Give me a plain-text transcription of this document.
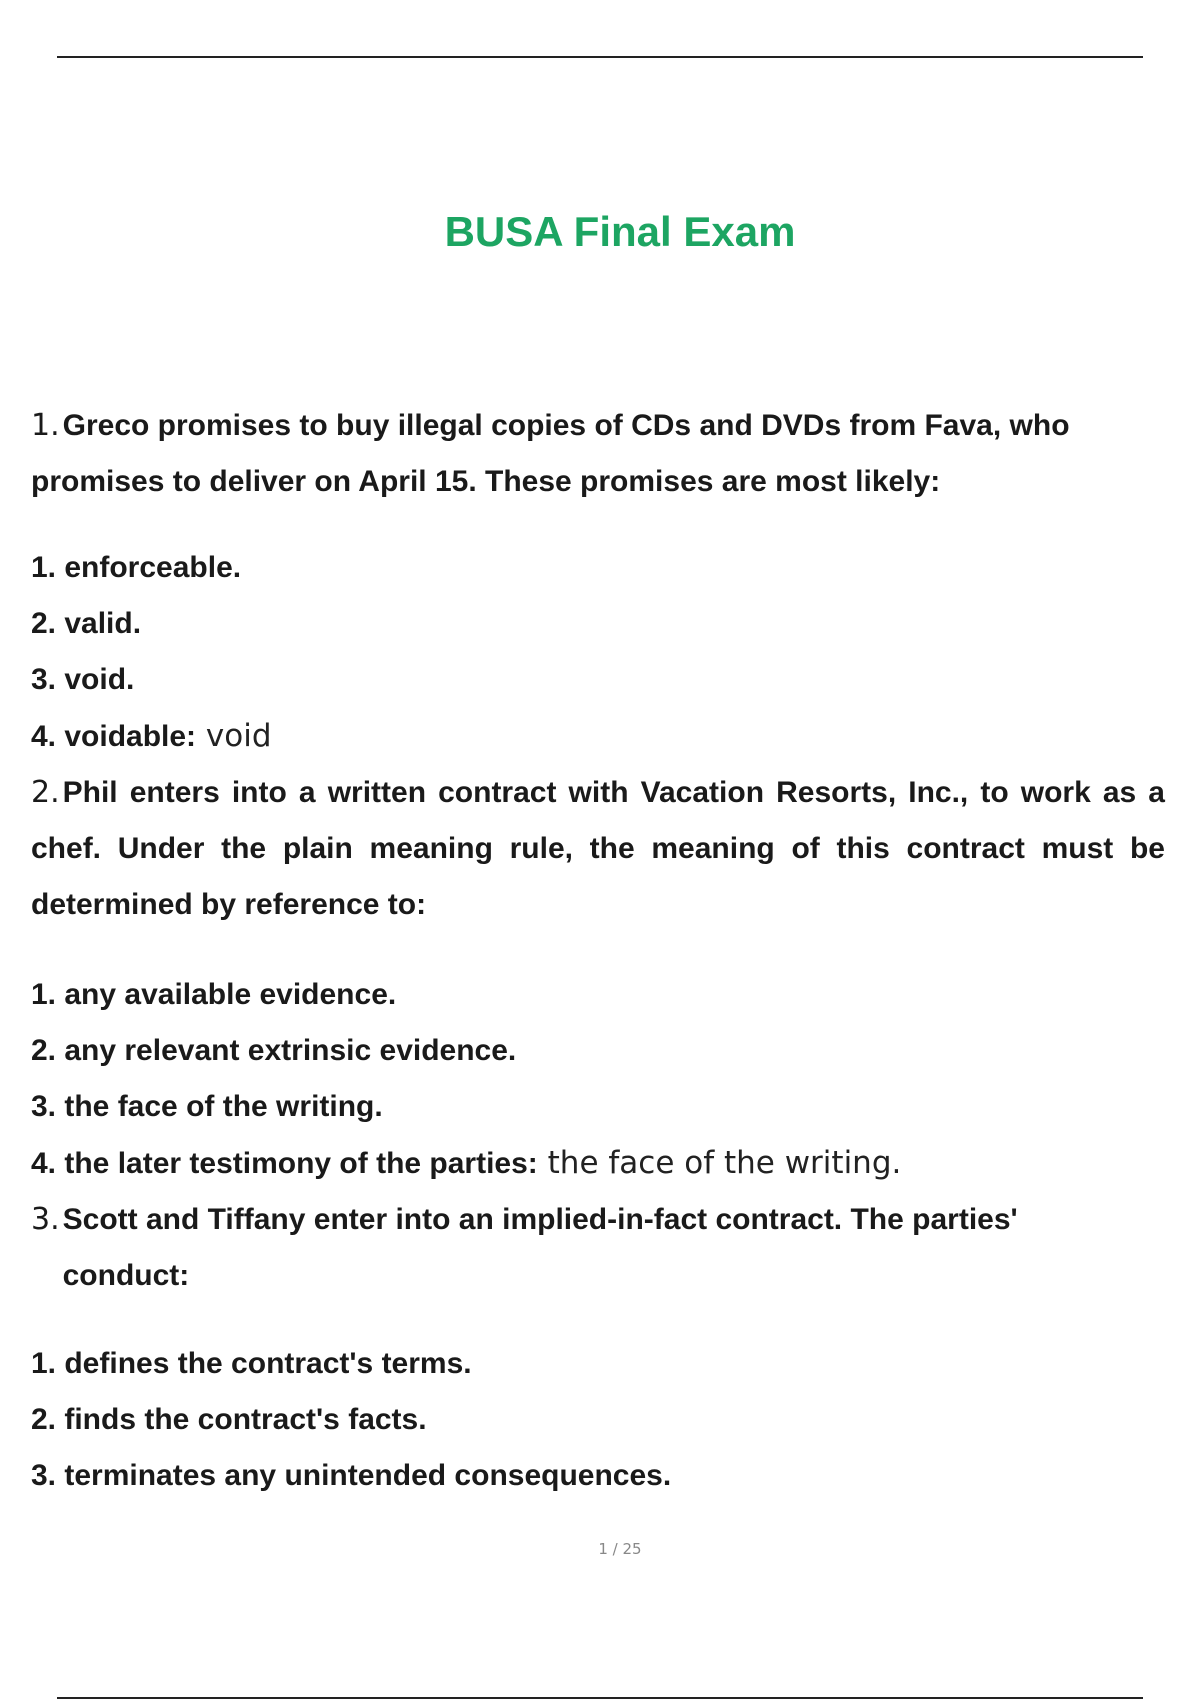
BUSA Final Exam
1. Greco promises to buy illegal copies of CDs and DVDs from Fava, who promises to deliver on April 15. These promises are most likely:
1. enforceable.
2. valid.
3. void.
4. voidable: void
2. Phil enters into a written contract with Vacation Resorts, Inc., to work as a chef. Under the plain meaning rule, the meaning of this contract must be determined by reference to:
1. any available evidence.
2. any relevant extrinsic evidence.
3. the face of the writing.
4. the later testimony of the parties: the face of the writing.
3. Scott and Tiffany enter into an implied-in-fact contract. The parties' conduct:
1. defines the contract's terms.
2. finds the contract's facts.
3. terminates any unintended consequences.
1 / 25
